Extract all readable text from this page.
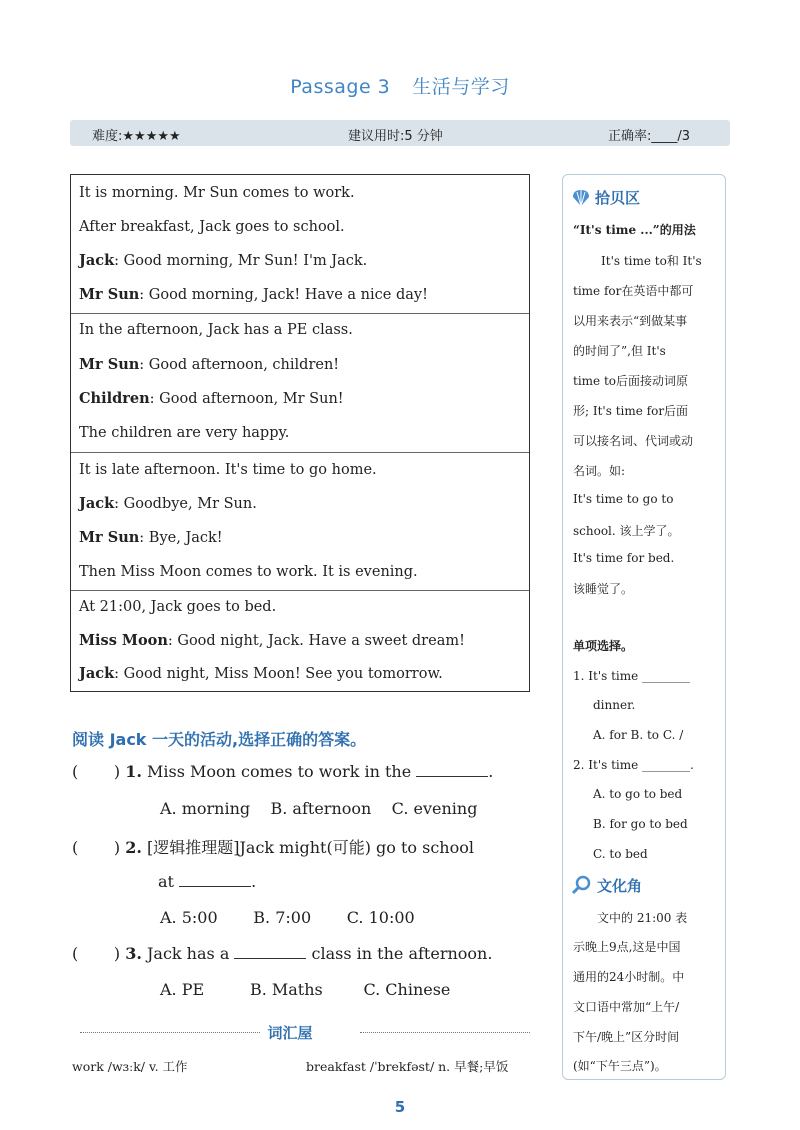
Passage 3 生活与学习
难度:★★★★★	建议用时:5 分钟	正确率:____/3
It is morning. Mr Sun comes to work.
After breakfast, Jack goes to school.
Jack: Good morning, Mr Sun! I'm Jack.
Mr Sun: Good morning, Jack! Have a nice day!
In the afternoon, Jack has a PE class.
Mr Sun: Good afternoon, children!
Children: Good afternoon, Mr Sun!
The children are very happy.
It is late afternoon. It's time to go home.
Jack: Goodbye, Mr Sun.
Mr Sun: Bye, Jack!
Then Miss Moon comes to work. It is evening.
At 21:00, Jack goes to bed.
Miss Moon: Good night, Jack. Have a sweet dream!
Jack: Good night, Miss Moon! See you tomorrow.
拾贝区
“It's time ...”的用法
It's time to和 It's
time for在英语中都可
以用来表示“到做某事
的时间了”,但 It's
time to后面接动词原
形; It's time for后面
可以接名词、代词或动
名词。如:
It's time to go to
school. 该上学了。
It's time for bed.
该睡觉了。
单项选择。
1. It's time ________
dinner.
A. for B. to C. /
2. It's time ________.
A. to go to bed
B. for go to bed
C. to bed
文化角
文中的 21:00 表
示晚上9点,这是中国
通用的24小时制。中
文口语中常加“上午/
下午/晚上”区分时间
(如“下午三点”)。
阅读 Jack 一天的活动,选择正确的答案。
(       ) 1. Miss Moon comes to work in the	.
A. morning B. afternoon C. evening
(       ) 2. [逻辑推理题]Jack might(可能) go to school
at	.
A. 5:00 B. 7:00 C. 10:00
(       ) 3. Jack has a	class in the afternoon.
A. PE	B. Maths	C. Chinese
词汇屋
work /wɜːk/ v. 工作	breakfast /ˈbrekfəst/ n. 早餐;早饭
5
